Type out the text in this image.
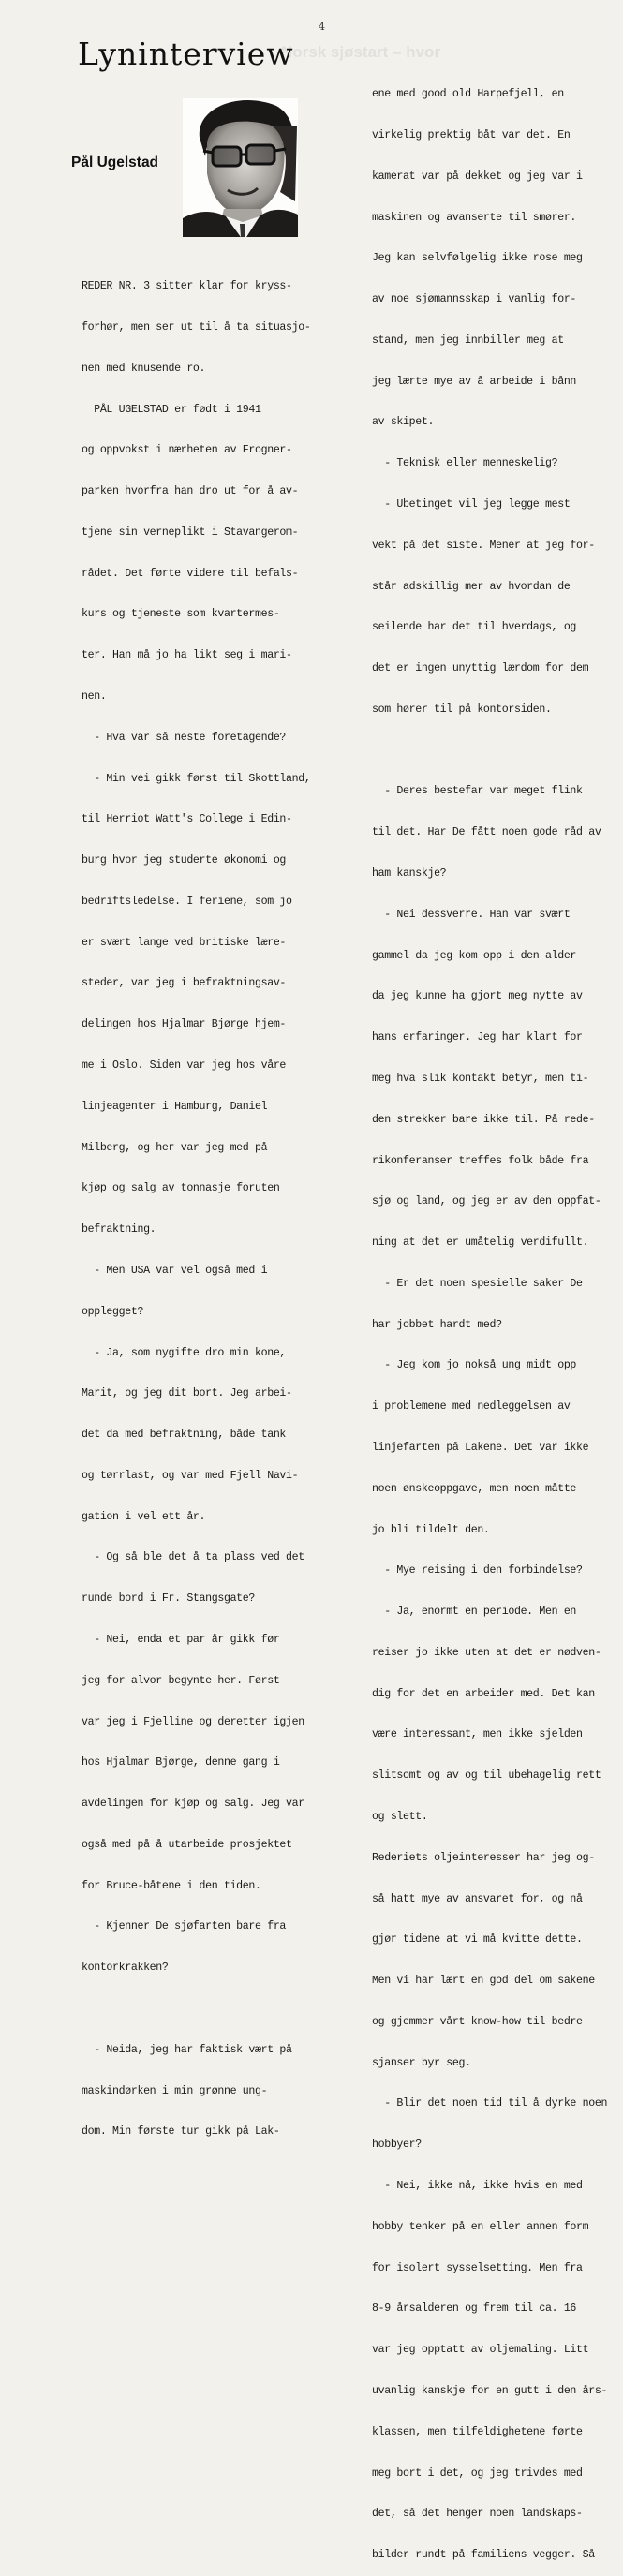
4
Norsk sjøstart – hvor
Lyninterview
Pål Ugelstad

REDER NR. 3 sitter klar for kryss-

forhør, men ser ut til å ta situasjo-

nen med knusende ro.

PÅL UGELSTAD er født i 1941

og oppvokst i nærheten av Frogner-

parken hvorfra han dro ut for å av-

tjene sin verneplikt i Stavangerom-

rådet. Det førte videre til befals-

kurs og tjeneste som kvartermes-

ter. Han må jo ha likt seg i mari-

nen.

- Hva var så neste foretagende?

- Min vei gikk først til Skottland,

til Herriot Watt's College i Edin-

burg hvor jeg studerte økonomi og

bedriftsledelse. I feriene, som jo

er svært lange ved britiske lære-

steder, var jeg i befraktningsav-

delingen hos Hjalmar Bjørge hjem-

me i Oslo. Siden var jeg hos våre

linjeagenter i Hamburg, Daniel

Milberg, og her var jeg med på

kjøp og salg av tonnasje foruten

befraktning.

- Men USA var vel også med i

opplegget?

- Ja, som nygifte dro min kone,

Marit, og jeg dit bort. Jeg arbei-

det da med befraktning, både tank

og tørrlast, og var med Fjell Navi-

gation i vel ett år.

- Og så ble det å ta plass ved det

runde bord i Fr. Stangsgate?

- Nei, enda et par år gikk før

jeg for alvor begynte her. Først

var jeg i Fjelline og deretter igjen

hos Hjalmar Bjørge, denne gang i

avdelingen for kjøp og salg. Jeg var

også med på å utarbeide prosjektet

for Bruce-båtene i den tiden.

- Kjenner De sjøfarten bare fra

kontorkrakken?

- Neida, jeg har faktisk vært på

maskindørken i min grønne ung-

dom. Min første tur gikk på Lak-

ene med good old Harpefjell, en

virkelig prektig båt var det. En

kamerat var på dekket og jeg var i

maskinen og avanserte til smører.

Jeg kan selvfølgelig ikke rose meg

av noe sjømannsskap i vanlig for-

stand, men jeg innbiller meg at

jeg lærte mye av å arbeide i bånn

av skipet.

- Teknisk eller menneskelig?

- Ubetinget vil jeg legge mest

vekt på det siste. Mener at jeg for-

står adskillig mer av hvordan de

seilende har det til hverdags, og

det er ingen unyttig lærdom for dem

som hører til på kontorsiden.

- Deres bestefar var meget flink

til det. Har De fått noen gode råd av

ham kanskje?

- Nei dessverre. Han var svært

gammel da jeg kom opp i den alder

da jeg kunne ha gjort meg nytte av

hans erfaringer. Jeg har klart for

meg hva slik kontakt betyr, men ti-

den strekker bare ikke til. På rede-

rikonferanser treffes folk både fra

sjø og land, og jeg er av den oppfat-

ning at det er umåtelig verdifullt.

- Er det noen spesielle saker De

har jobbet hardt med?

- Jeg kom jo nokså ung midt opp

i problemene med nedleggelsen av

linjefarten på Lakene. Det var ikke

noen ønskeoppgave, men noen måtte

jo bli tildelt den.

- Mye reising i den forbindelse?

- Ja, enormt en periode. Men en

reiser jo ikke uten at det er nødven-

dig for det en arbeider med. Det kan

være interessant, men ikke sjelden

slitsomt og av og til ubehagelig rett

og slett.

Rederiets oljeinteresser har jeg og-

så hatt mye av ansvaret for, og nå

gjør tidene at vi må kvitte dette.

Men vi har lært en god del om sakene

og gjemmer vårt know-how til bedre

sjanser byr seg.

- Blir det noen tid til å dyrke noen

hobbyer?

- Nei, ikke nå, ikke hvis en med

hobby tenker på en eller annen form

for isolert sysselsetting. Men fra

8-9 årsalderen og frem til ca. 16

var jeg opptatt av oljemaling. Litt

uvanlig kanskje for en gutt i den års-

klassen, men tilfeldighetene førte

meg bort i det, og jeg trivdes med

det, så det henger noen landskaps-

bilder rundt på familiens vegger. Så
